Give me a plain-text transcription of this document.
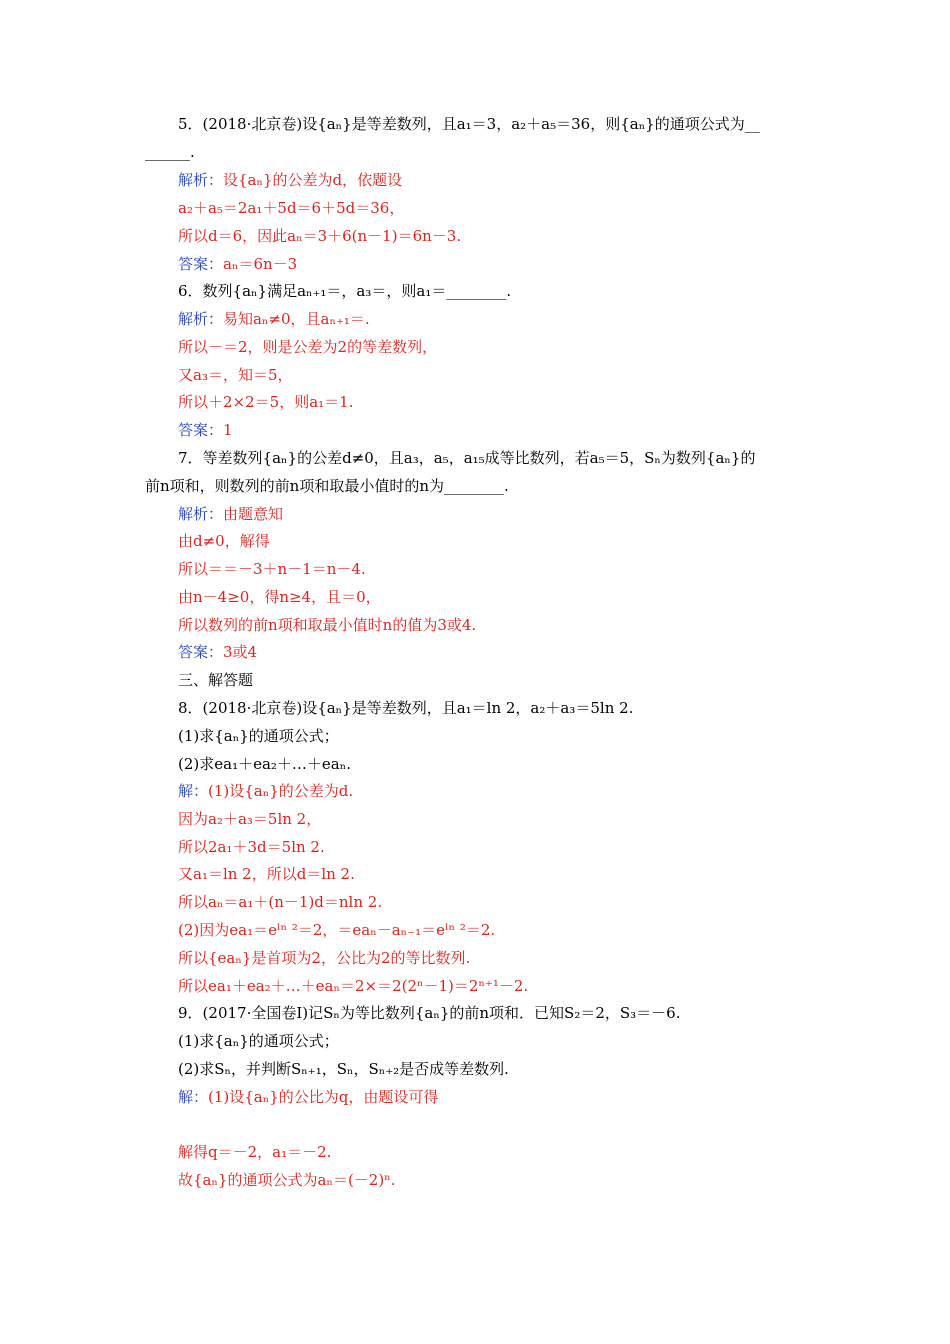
5．(2018·北京卷)设{aₙ}是等差数列，且a₁＝3，a₂＋a₅＝36，则{aₙ}的通项公式为__
______.
解析：设{aₙ}的公差为d，依题设
a₂＋a₅＝2a₁＋5d＝6＋5d＝36，
所以d＝6，因此aₙ＝3＋6(n－1)＝6n－3.
答案：aₙ＝6n－3
6．数列{aₙ}满足aₙ₊₁＝，a₃＝，则a₁＝________.
解析：易知aₙ≠0，且aₙ₊₁＝.
所以－＝2，则是公差为2的等差数列，
又a₃＝，知＝5，
所以＋2×2＝5，则a₁＝1.
答案：1
7．等差数列{aₙ}的公差d≠0，且a₃，a₅，a₁₅成等比数列，若a₅＝5，Sₙ为数列{aₙ}的
前n项和，则数列的前n项和取最小值时的n为________.
解析：由题意知
由d≠0，解得
所以＝＝－3＋n－1＝n－4.
由n－4≥0，得n≥4，且＝0，
所以数列的前n项和取最小值时n的值为3或4.
答案：3或4
三、解答题
8．(2018·北京卷)设{aₙ}是等差数列，且a₁＝ln 2，a₂＋a₃＝5ln 2.
(1)求{aₙ}的通项公式；
(2)求ea₁＋ea₂＋…＋eaₙ.
解：(1)设{aₙ}的公差为d.
因为a₂＋a₃＝5ln 2，
所以2a₁＋3d＝5ln 2.
又a₁＝ln 2，所以d＝ln 2.
所以aₙ＝a₁＋(n－1)d＝nln 2.
(2)因为ea₁＝eˡⁿ ²＝2，＝eaₙ－aₙ₋₁＝eˡⁿ ²＝2.
所以{eaₙ}是首项为2，公比为2的等比数列.
所以ea₁＋ea₂＋…＋eaₙ＝2×＝2(2ⁿ－1)＝2ⁿ⁺¹－2.
9．(2017·全国卷Ⅰ)记Sₙ为等比数列{aₙ}的前n项和．已知S₂＝2，S₃＝－6.
(1)求{aₙ}的通项公式；
(2)求Sₙ，并判断Sₙ₊₁，Sₙ，Sₙ₊₂是否成等差数列.
解：(1)设{aₙ}的公比为q，由题设可得
解得q＝－2，a₁＝－2.
故{aₙ}的通项公式为aₙ＝(－2)ⁿ.
